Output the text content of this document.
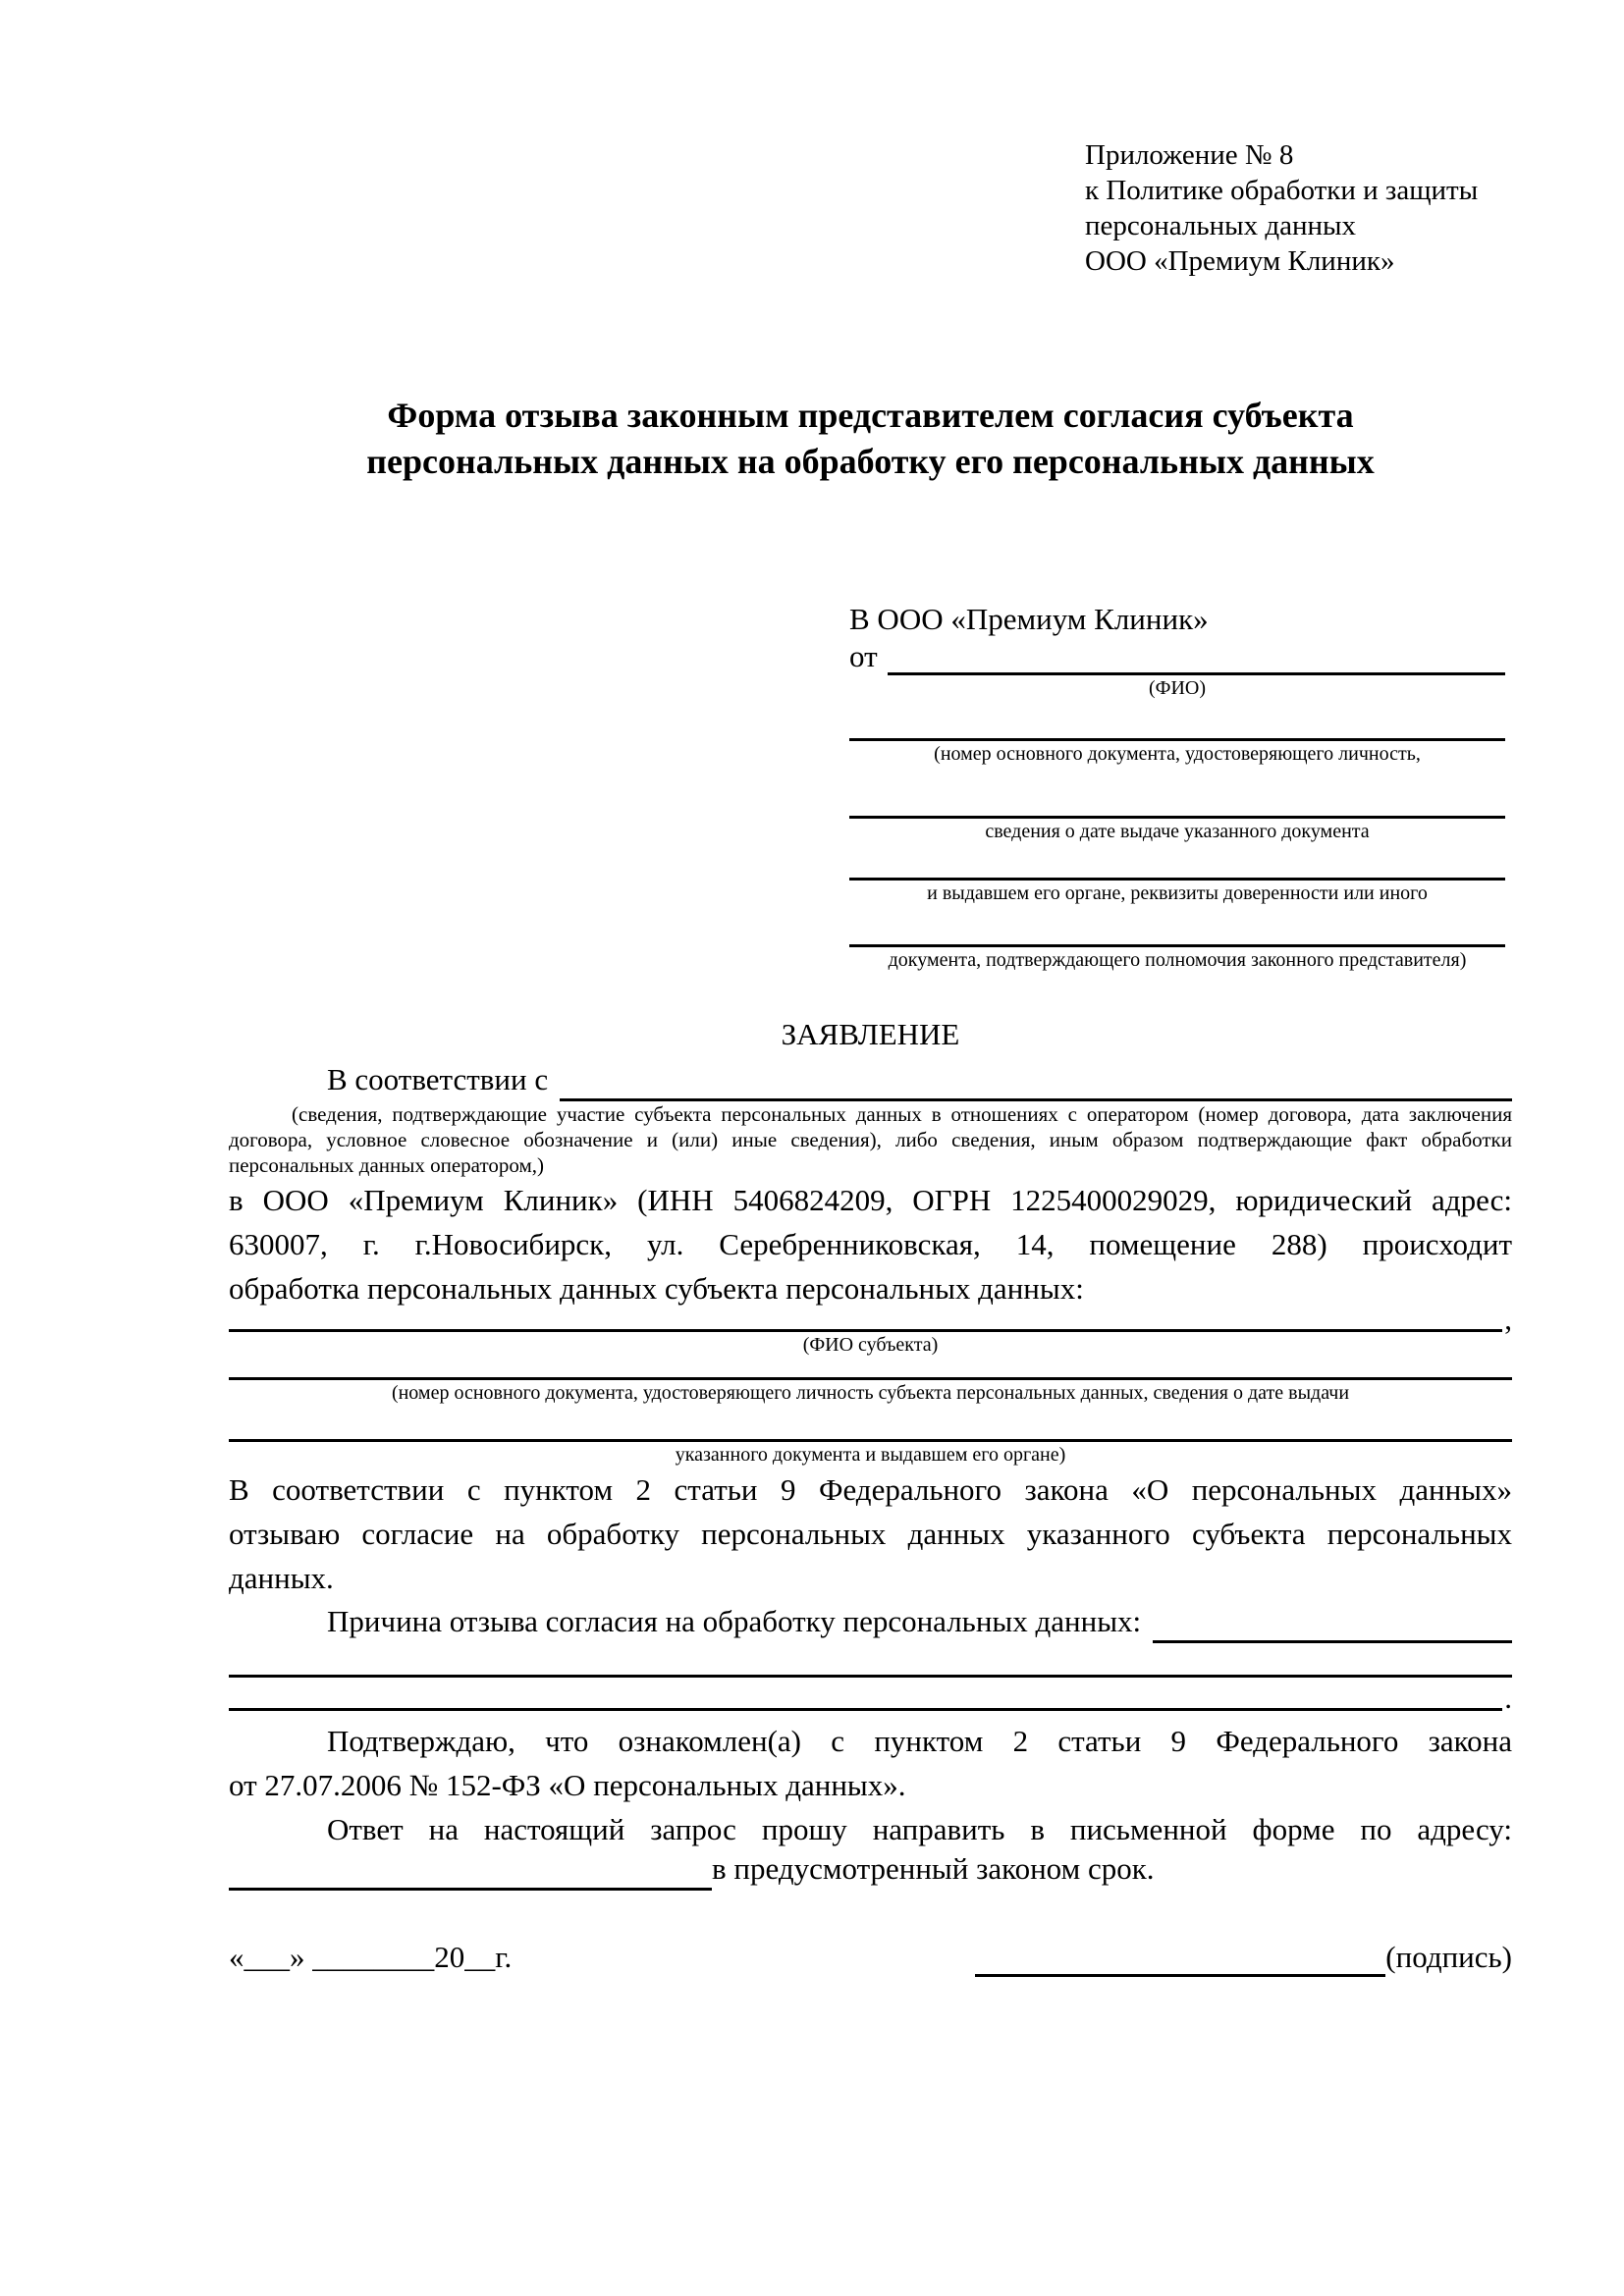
Приложение № 8
к Политике обработки и защиты
персональных данных
ООО «Премиум Клиник»
Форма отзыва законным представителем согласия субъекта
персональных данных на обработку его персональных данных
В ООО «Премиум Клиник»
от
(ФИО)
(номер основного документа, удостоверяющего личность,
сведения о дате выдаче указанного документа
и выдавшем его органе, реквизиты доверенности или иного
документа, подтверждающего полномочия законного представителя)
ЗАЯВЛЕНИЕ
В соответствии с
(сведения, подтверждающие участие субъекта персональных данных в отношениях с оператором (номер договора, дата заключения договора, условное словесное обозначение и (или) иные сведения), либо сведения, иным образом подтверждающие факт обработки персональных данных оператором,)
в ООО «Премиум Клиник» (ИНН 5406824209, ОГРН 1225400029029, юридический адрес:
630007, г. г.Новосибирск, ул. Серебренниковская, 14, помещение 288) происходит
обработка персональных данных субъекта персональных данных:
,
(ФИО субъекта)
(номер основного документа, удостоверяющего личность субъекта персональных данных, сведения о дате выдачи
указанного документа и выдавшем его органе)
В соответствии с пунктом 2 статьи 9 Федерального закона «О персональных данных»
отзываю согласие на обработку персональных данных указанного субъекта персональных
данных.
Причина отзыва согласия на обработку персональных данных:
.
Подтверждаю, что ознакомлен(а) с пунктом 2 статьи 9 Федерального закона
от 27.07.2006 № 152-ФЗ «О персональных данных».
Ответ на настоящий запрос прошу направить в письменной форме по адресу:
в предусмотренный законом срок.
«___» ________20__г.	(подпись)
